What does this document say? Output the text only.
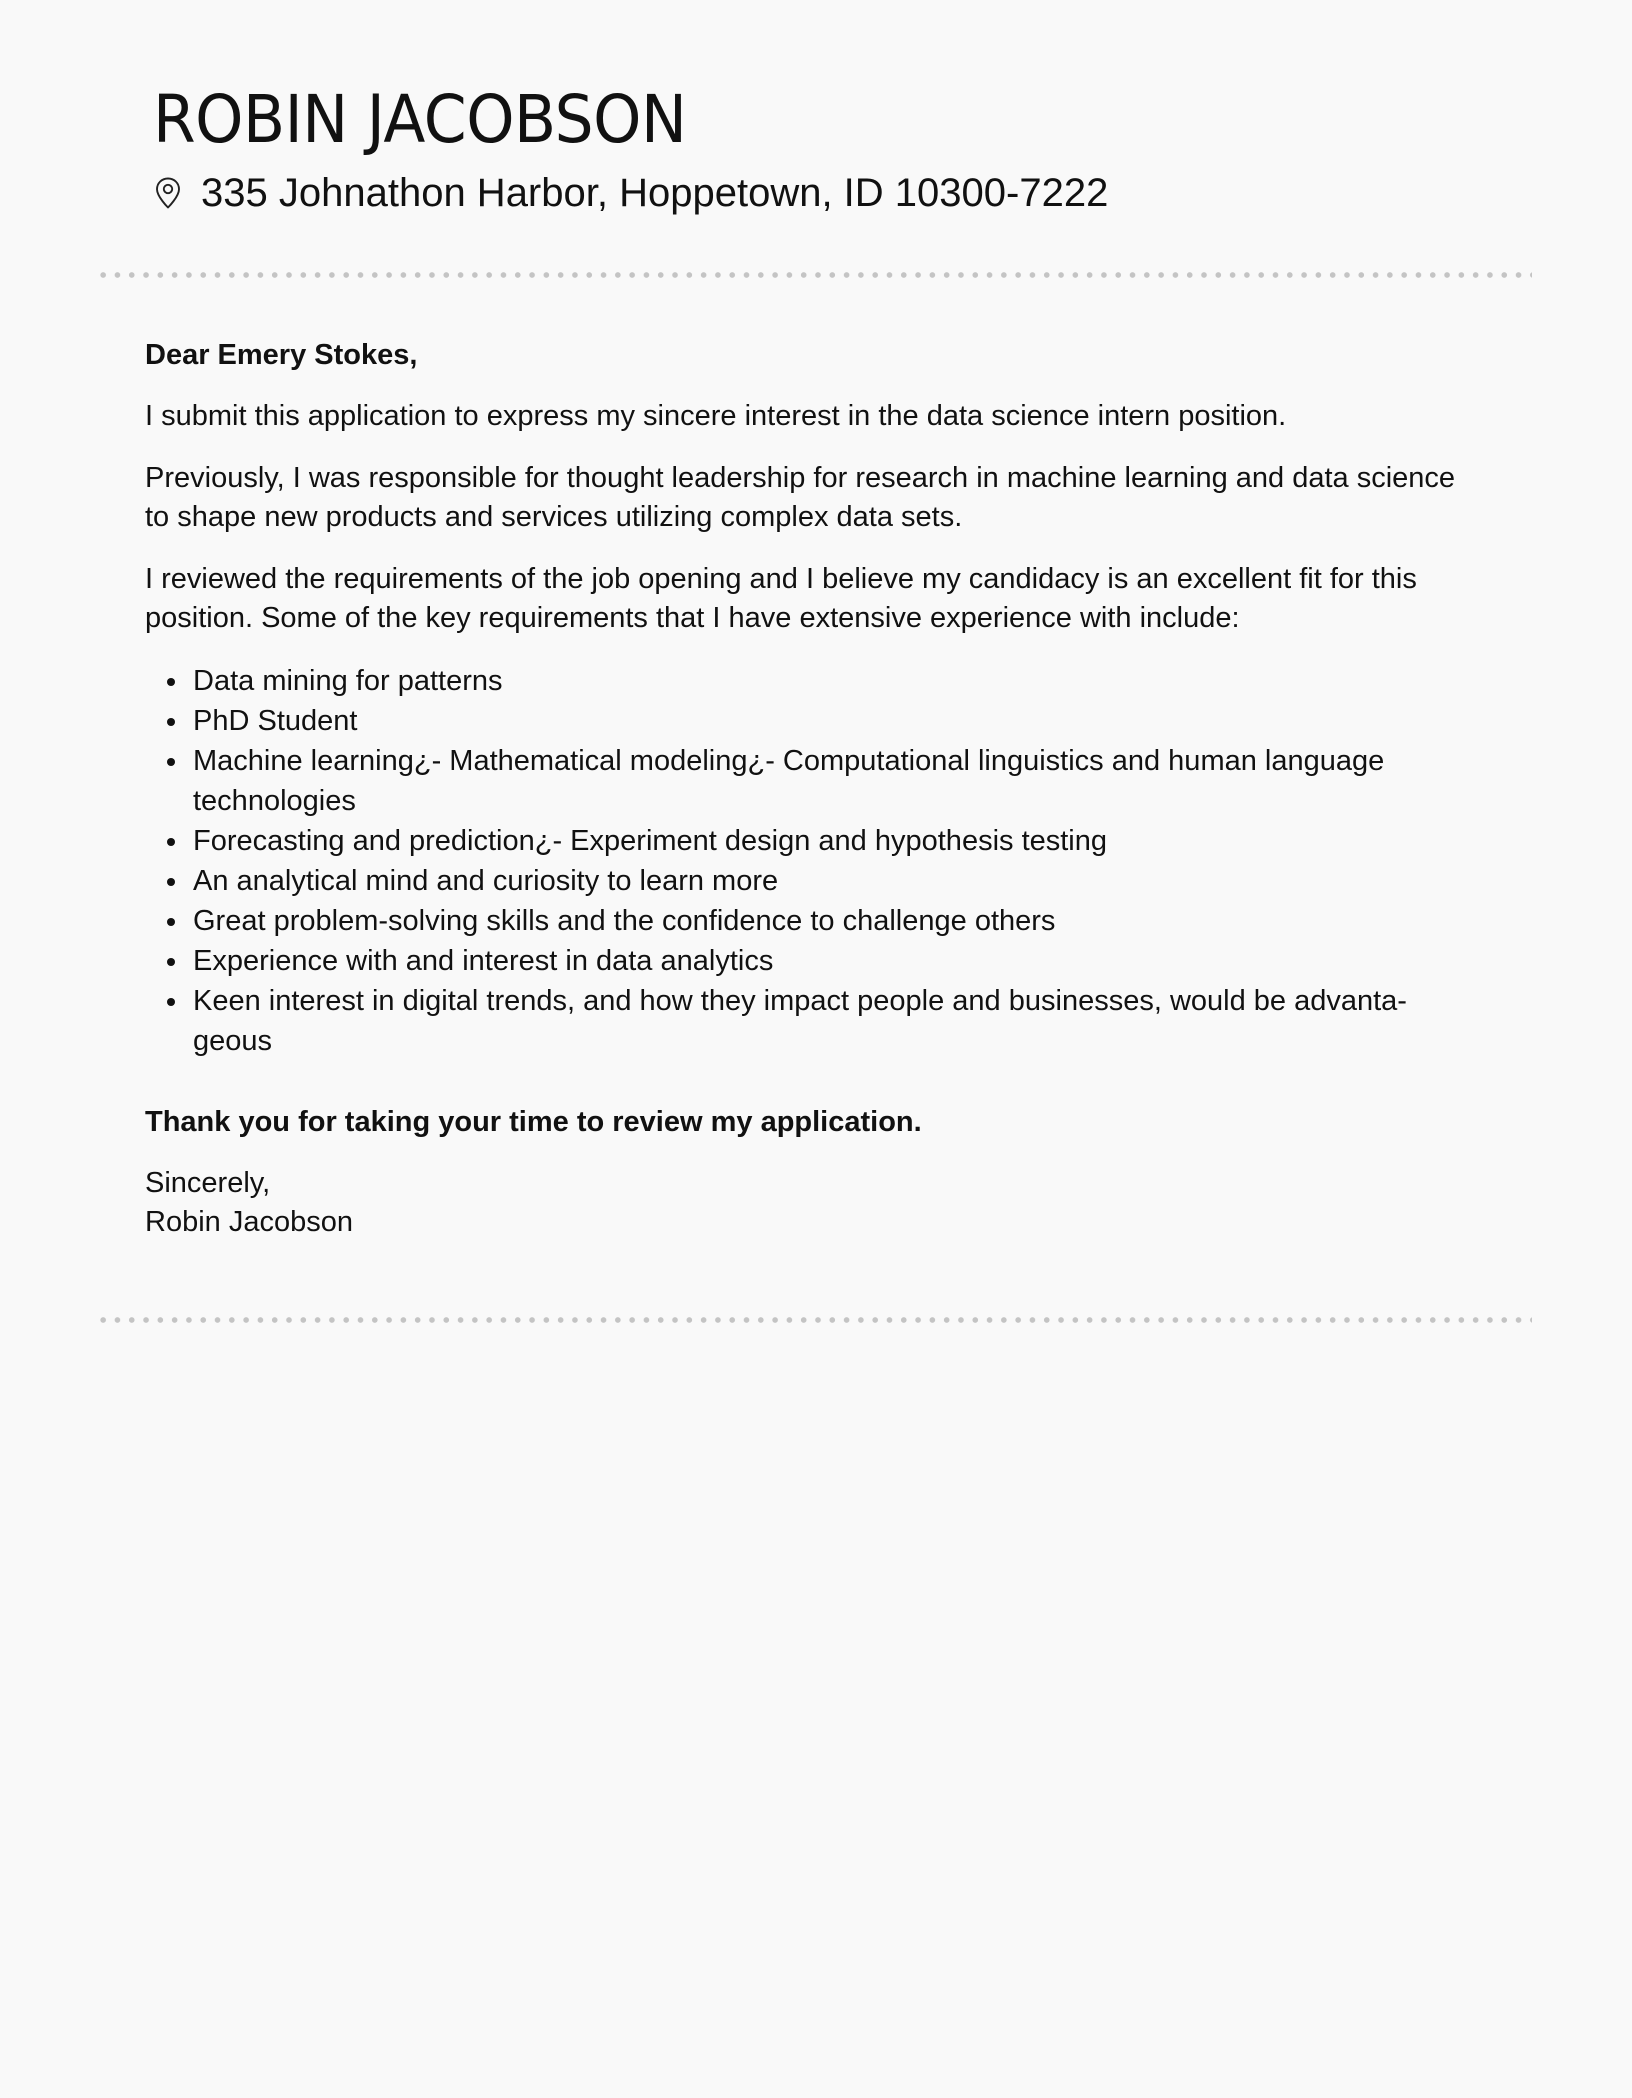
ROBIN JACOBSON
335 Johnathon Harbor, Hoppetown, ID 10300-7222

Dear Emery Stokes,

I submit this application to express my sincere interest in the data science intern position.

Previously, I was responsible for thought leadership for research in machine learning and data science to shape new products and services utilizing complex data sets.

I reviewed the requirements of the job opening and I believe my candidacy is an excellent fit for this position. Some of the key requirements that I have extensive experience with include:

Data mining for patterns
PhD Student
Machine learning¿- Mathematical modeling¿- Computational linguistics and human language technologies
Forecasting and prediction¿- Experiment design and hypothesis testing
An analytical mind and curiosity to learn more
Great problem-solving skills and the confidence to challenge others
Experience with and interest in data analytics
Keen interest in digital trends, and how they impact people and businesses, would be advanta- geous

Thank you for taking your time to review my application.

Sincerely,

Robin Jacobson
